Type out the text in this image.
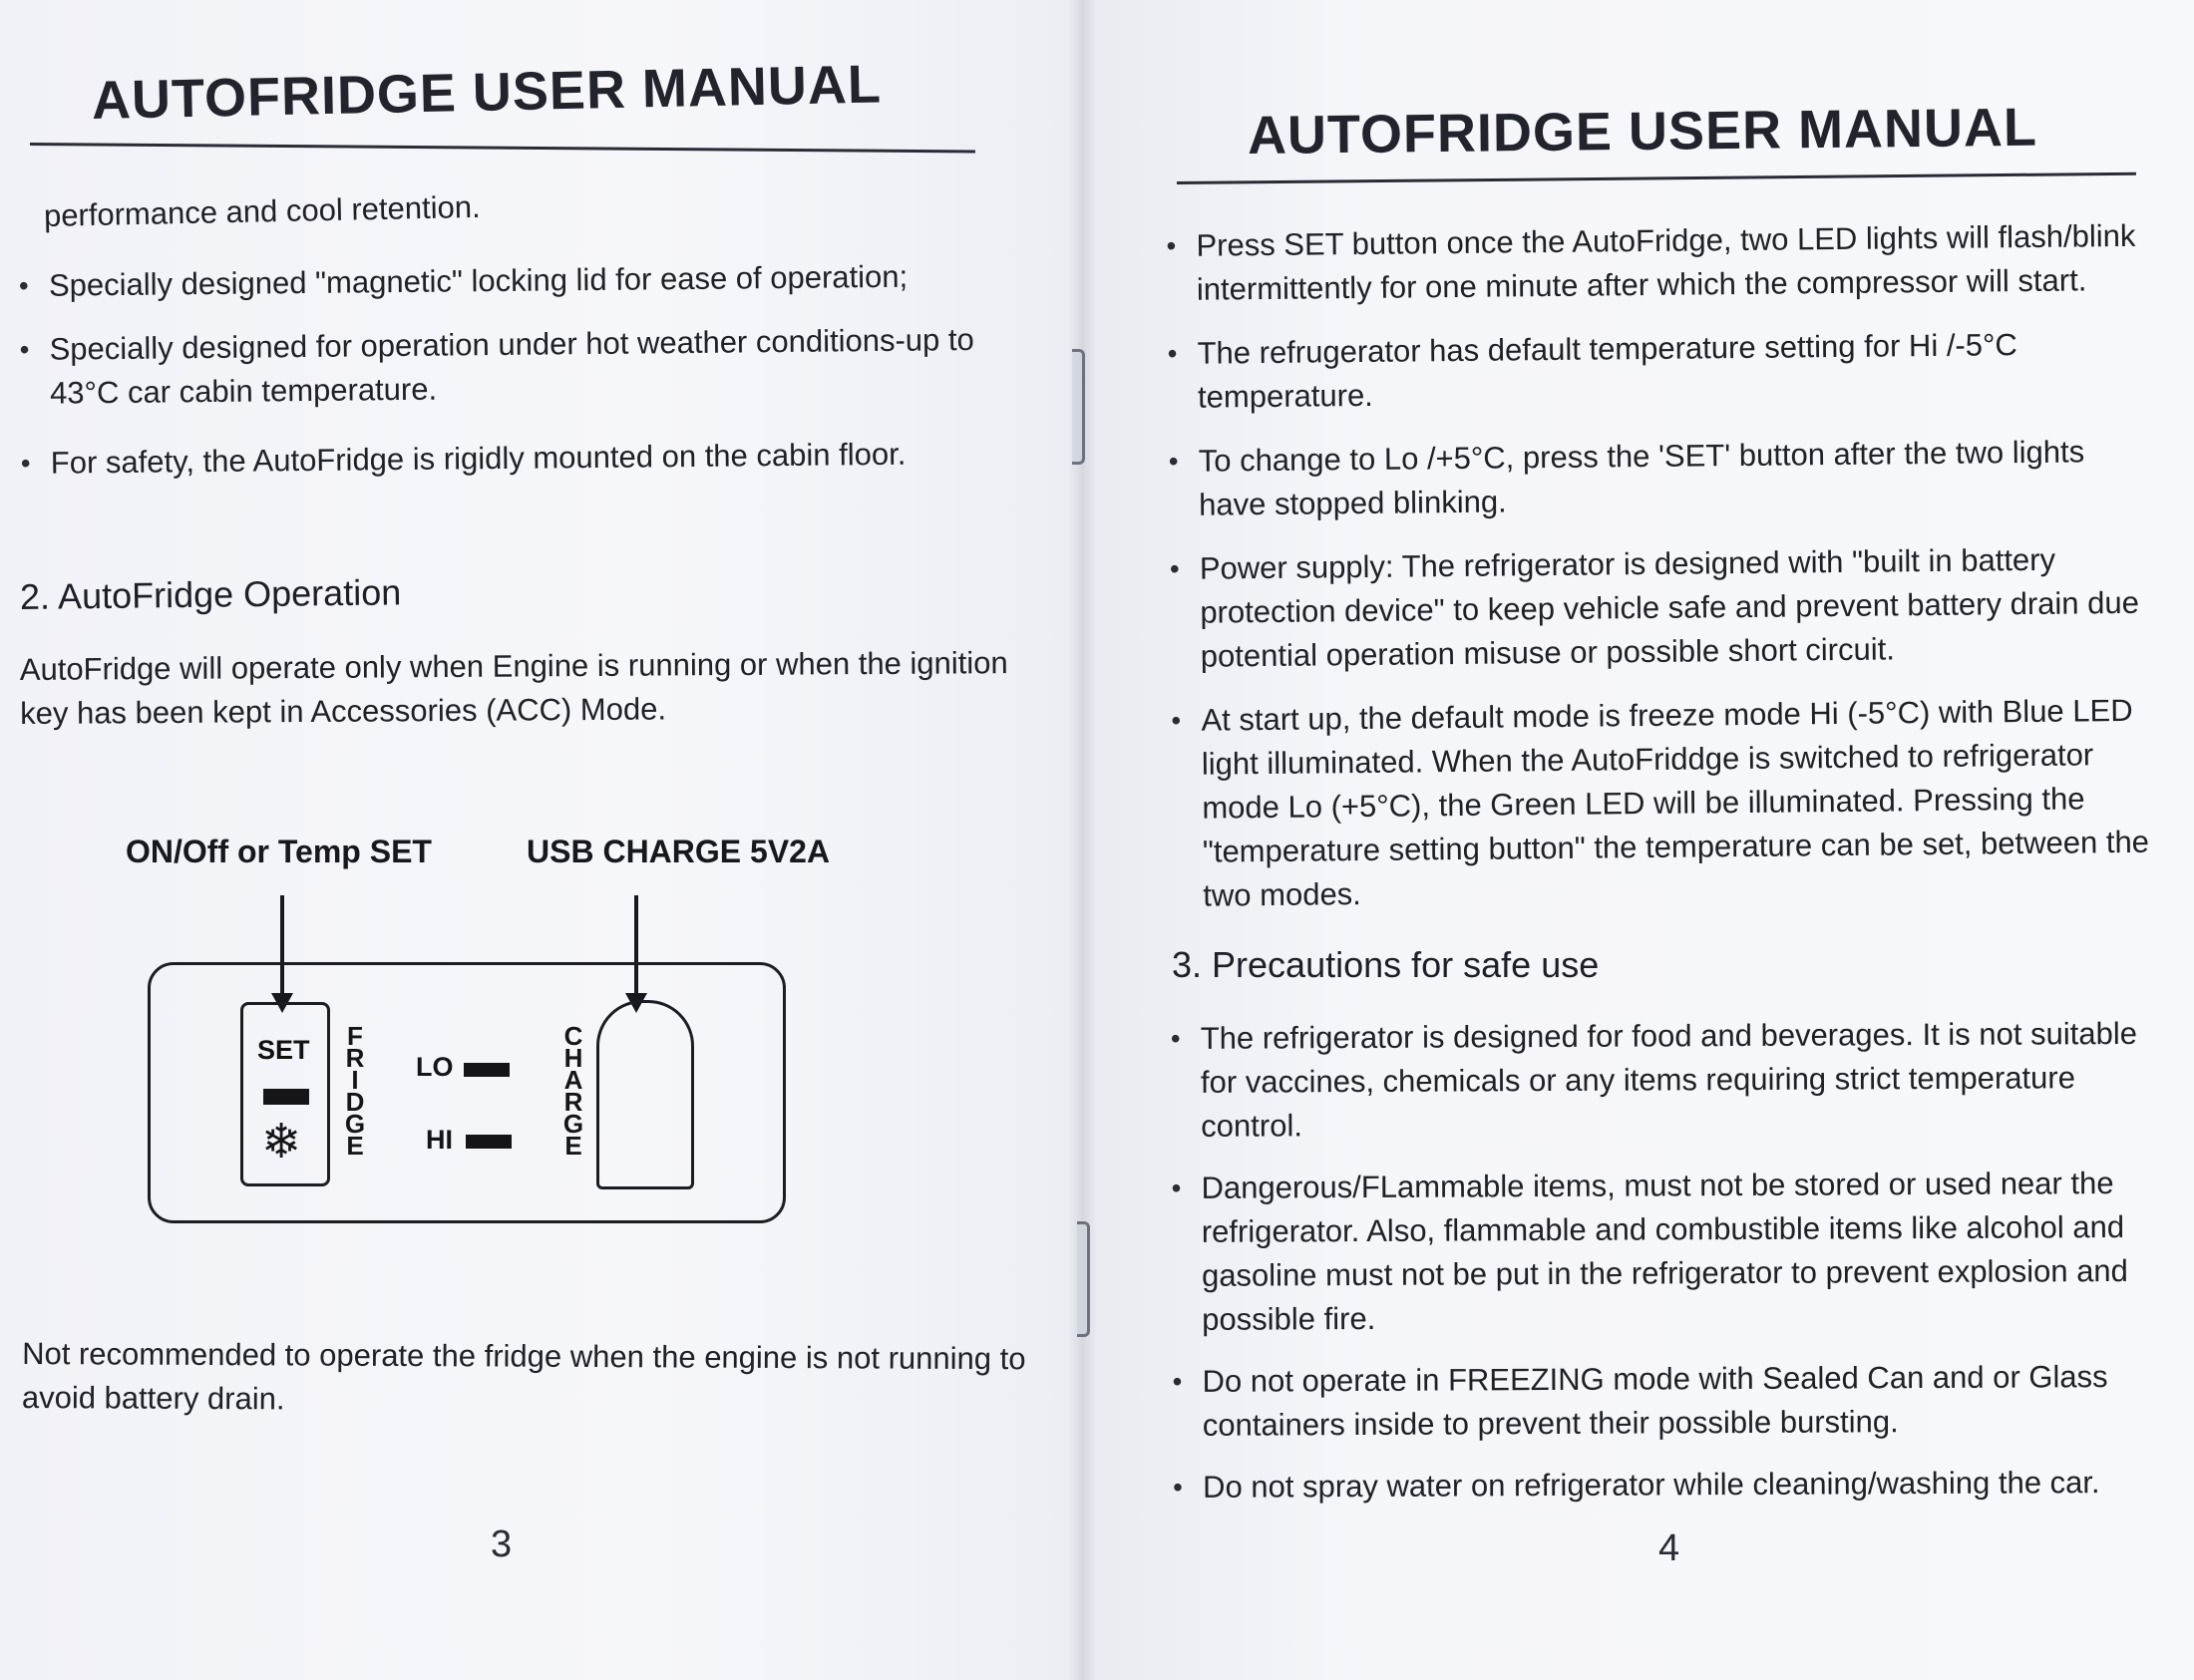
AUTOFRIDGE USER MANUAL
performance and cool retention.
• Specially designed "magnetic" locking lid for ease of operation;
• Specially designed for operation under hot weather conditions-up to 43°C car cabin temperature.
• For safety, the AutoFridge is rigidly mounted on the cabin floor.
2. AutoFridge Operation
AutoFridge will operate only when Engine is running or when the ignition key has been kept in Accessories (ACC) Mode.
ON/Off or Temp SET	USB CHARGE 5V2A
SET
❄
FRIDGE
LO
HI
CHARGE
Not recommended to operate the fridge when the engine is not running to avoid battery drain.
3
AUTOFRIDGE USER MANUAL
• Press SET button once the AutoFridge, two LED lights will flash/blink intermittently for one minute after which the compressor will start.
• The refrugerator has default temperature setting for Hi /-5°C temperature.
• To change to Lo /+5°C, press the 'SET' button after the two lights have stopped blinking.
• Power supply: The refrigerator is designed with "built in battery protection device" to keep vehicle safe and prevent battery drain due potential operation misuse or possible short circuit.
• At start up, the default mode is freeze mode Hi (-5°C) with Blue LED light illuminated. When the AutoFriddge is switched to refrigerator mode Lo (+5°C), the Green LED will be illuminated. Pressing the "temperature setting button" the temperature can be set, between the two modes.
3. Precautions for safe use
• The refrigerator is designed for food and beverages. It is not suitable for vaccines, chemicals or any items requiring strict temperature control.
• Dangerous/FLammable items, must not be stored or used near the refrigerator. Also, flammable and combustible items like alcohol and gasoline must not be put in the refrigerator to prevent explosion and possible fire.
• Do not operate in FREEZING mode with Sealed Can and or Glass containers inside to prevent their possible bursting.
• Do not spray water on refrigerator while cleaning/washing the car.
4
